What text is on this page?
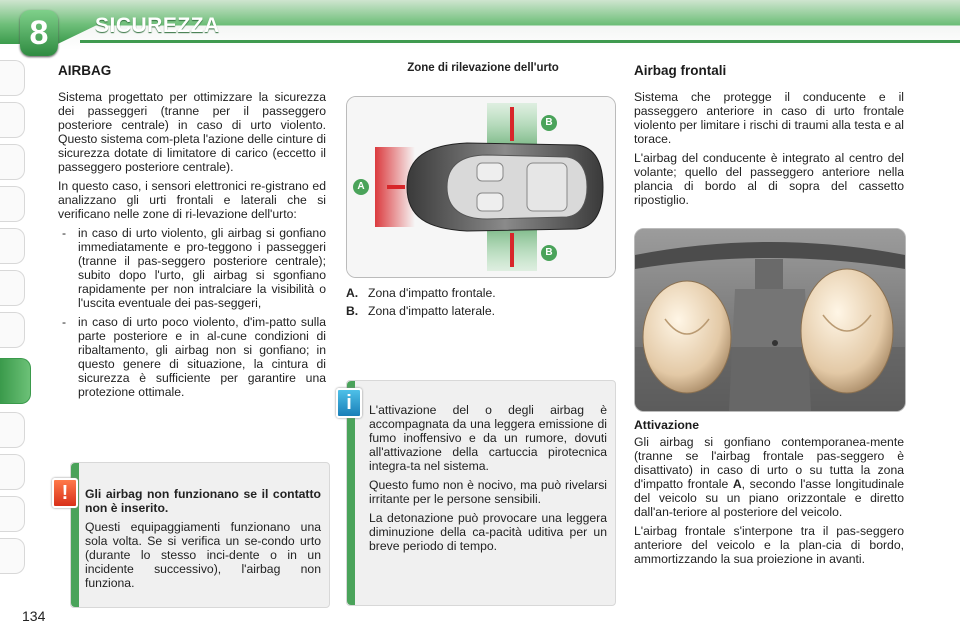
8	SICUREZZA
AIRBAG

Sistema progettato per ottimizzare la sicurezza dei passeggeri (tranne per il passeggero posteriore centrale) in caso di urto violento. Questo sistema com-pleta l'azione delle cinture di sicurezza dotate di limitatore di carico (eccetto il passeggero posteriore centrale).

In questo caso, i sensori elettronici re-gistrano ed analizzano gli urti frontali e laterali che si verificano nelle zone di ri-levazione dell'urto:

- in caso di urto violento, gli airbag si gonfiano immediatamente e pro-teggono i passeggeri (tranne il pas-seggero posteriore centrale); subito dopo l'urto, gli airbag si sgonfiano rapidamente per non intralciare la visibilità o l'uscita eventuale dei pas-seggeri,
- in caso di urto poco violento, d'im-patto sulla parte posteriore e in al-cune condizioni di ribaltamento, gli airbag non si gonfiano; in questo genere di situazione, la cintura di sicurezza è sufficiente per garantire una protezione ottimale.

Gli airbag non funzionano se il contatto non è inserito.

Questi equipaggiamenti funzionano una sola volta. Se si verifica un se-condo urto (durante lo stesso inci-dente o in un incidente successivo), l'airbag non funziona.

!
Zone di rilevazione dell'urto
A
B
B
A. Zona d'impatto frontale.
B. Zona d'impatto laterale.

L'attivazione del o degli airbag è accompagnata da una leggera emissione di fumo inoffensivo e da un rumore, dovuti all'attivazione della cartuccia pirotecnica integra-ta nel sistema.

Questo fumo non è nocivo, ma può rivelarsi irritante per le persone sensibili.

La detonazione può provocare una leggera diminuzione della ca-pacità uditiva per un breve periodo di tempo.

i
Airbag frontali

Sistema che protegge il conducente e il passeggero anteriore in caso di urto frontale violento per limitare i rischi di traumi alla testa e al torace.

L'airbag del conducente è integrato al centro del volante; quello del passeggero anteriore nella plancia di bordo al di sopra del cassetto ripostiglio.

Attivazione

Gli airbag si gonfiano contemporanea-mente (tranne se l'airbag frontale pas-seggero è disattivato) in caso di urto o su tutta la zona d'impatto frontale A, secondo l'asse longitudinale del veicolo su un piano orizzontale e diretto dall'an-teriore al posteriore del veicolo.

L'airbag frontale s'interpone tra il pas-seggero anteriore del veicolo e la plan-cia di bordo, ammortizzando la sua proiezione in avanti.

134
